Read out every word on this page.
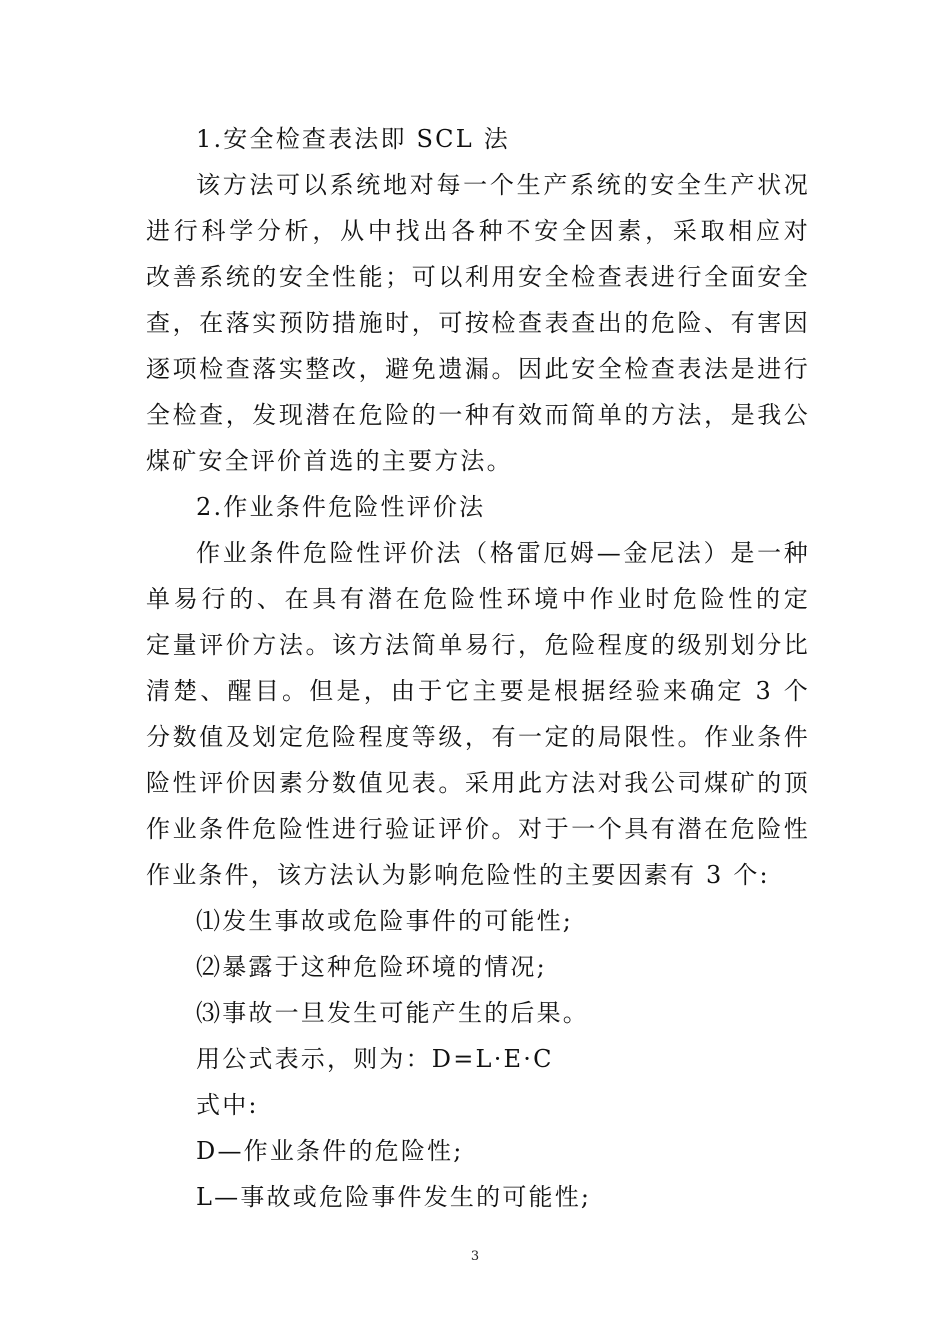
1.安全检查表法即 SCL 法
该方法可以系统地对每一个生产系统的安全生产状况
进行科学分析，从中找出各种不安全因素，采取相应对
改善系统的安全性能；可以利用安全检查表进行全面安全
查，在落实预防措施时，可按检查表查出的危险、有害因
逐项检查落实整改，避免遗漏。因此安全检查表法是进行
全检查，发现潜在危险的一种有效而简单的方法，是我公
煤矿安全评价首选的主要方法。
2.作业条件危险性评价法
作业条件危险性评价法（格雷厄姆—金尼法）是一种
单易行的、在具有潜在危险性环境中作业时危险性的定
定量评价方法。该方法简单易行，危险程度的级别划分比
清楚、醒目。但是，由于它主要是根据经验来确定 3 个
分数值及划定危险程度等级，有一定的局限性。作业条件
险性评价因素分数值见表。采用此方法对我公司煤矿的顶
作业条件危险性进行验证评价。对于一个具有潜在危险性
作业条件，该方法认为影响危险性的主要因素有 3 个:
⑴发生事故或危险事件的可能性;
⑵暴露于这种危险环境的情况;
⑶事故一旦发生可能产生的后果。
用公式表示，则为：D=L·E·C
式中:
D—作业条件的危险性;
L—事故或危险事件发生的可能性;
3
